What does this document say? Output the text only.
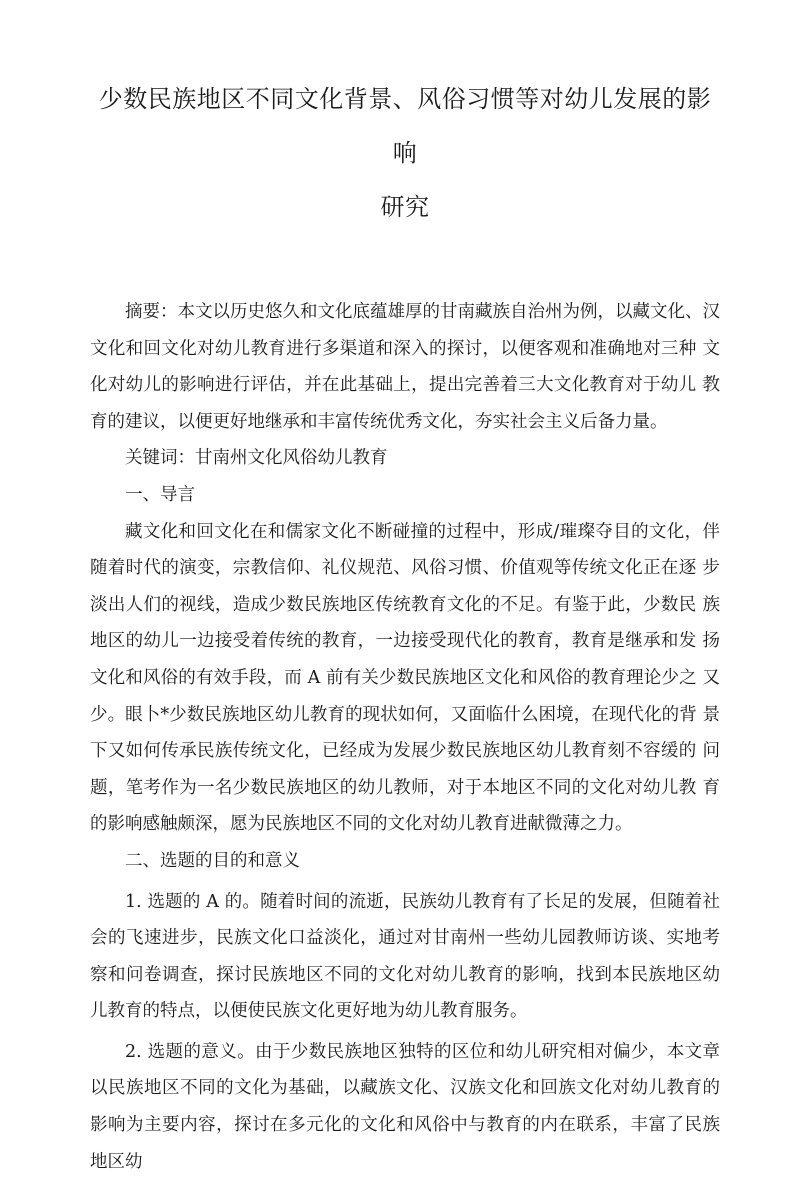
少数民族地区不同文化背景、风俗习惯等对幼儿发展的影响
研究

摘要：本文以历史悠久和文化底蕴雄厚的甘南藏族自治州为例，以藏文化、汉文化和回文化对幼儿教育进行多渠道和深入的探讨，以便客观和准确地对三种 文化对幼儿的影响进行评估，并在此基础上，提出完善着三大文化教育对于幼儿 教育的建议，以便更好地继承和丰富传统优秀文化，夯实社会主义后备力量。

关键词：甘南州文化风俗幼儿教育

一、导言

藏文化和回文化在和儒家文化不断碰撞的过程中，形成/璀璨夺目的文化，伴随着时代的演变，宗教信仰、礼仪规范、风俗习惯、价值观等传统文化正在逐 步淡出人们的视线，造成少数民族地区传统教育文化的不足。有鉴于此，少数民 族地区的幼儿一边接受着传统的教育，一边接受现代化的教育，教育是继承和发 扬文化和风俗的有效手段，而 A 前有关少数民族地区文化和风俗的教育理论少之 又少。眼卜*少数民族地区幼儿教育的现状如何，又面临什么困境，在现代化的背 景下又如何传承民族传统文化，已经成为发展少数民族地区幼儿教育刻不容缓的 问题，笔考作为一名少数民族地区的幼儿教师，对于本地区不同的文化对幼儿教 育的影响感触颇深，愿为民族地区不同的文化对幼儿教育进献微薄之力。

二、选题的目的和意义

1. 选题的 A 的。随着时间的流逝，民族幼儿教育有了长足的发展，但随着社 会的飞速进步，民族文化口益淡化，通过对甘南州一些幼儿园教师访谈、实地考 察和问卷调查，探讨民族地区不同的文化对幼儿教育的影响，找到本民族地区幼 儿教育的特点，以便使民族文化更好地为幼儿教育服务。

2. 选题的意义。由于少数民族地区独特的区位和幼儿研究相对偏少，本文章 以民族地区不同的文化为基础，以藏族文化、汉族文化和回族文化对幼儿教育的 影响为主要内容，探讨在多元化的文化和风俗中与教育的内在联系，丰富了民族 地区幼
